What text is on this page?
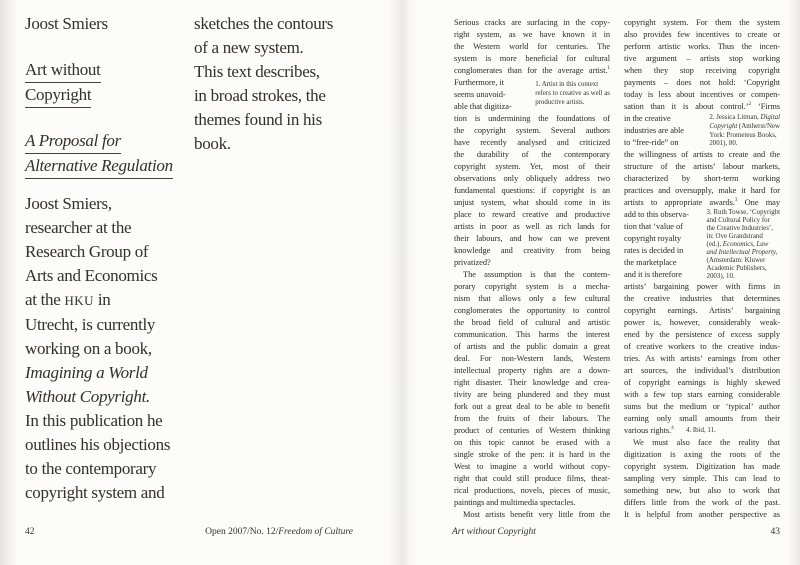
Joost Smiers
Art without
Copyright
A Proposal for
Alternative Regulation
Joost Smiers,
researcher at the
Research Group of
Arts and Economics
at the HKU in
Utrecht, is currently
working on a book,
Imagining a World
Without Copyright.
In this publication he
outlines his objections
to the contemporary
copyright system and
sketches the contours
of a new system.
This text describes,
in broad strokes, the
themes found in his
book.
42	Open 2007/No. 12/Freedom of Culture
1. Artist in this context
refers to creative as well as
productive artists.
Serious cracks are surfacing in the copy-
right system, as we have known it in
the Western world for centuries. The
system is more beneficial for cultural
conglomerates than for the average artist.$^1$
Furthermore, it
seems unavoid-
able that digitiza-
tion is undermining the foundations of
the copyright system. Several authors
have recently analysed and criticized
the durability of the contemporary
copyright system. Yet, most of their
observations only obliquely address two
fundamental questions: if copyright is an
unjust system, what should come in its
place to reward creative and productive
artists in poor as well as rich lands for
their labours, and how can we prevent
knowledge and creativity from being
privatized?
The assumption is that the contem-
porary copyright system is a mecha-
nism that allows only a few cultural
conglomerates the opportunity to control
the broad field of cultural and artistic
communication. This harms the interest
of artists and the public domain a great
deal. For non-Western lands, Western
intellectual property rights are a down-
right disaster. Their knowledge and crea-
tivity are being plundered and they must
fork out a great deal to be able to benefit
from the fruits of their labours. The
product of centuries of Western thinking
on this topic cannot be erased with a
single stroke of the pen: it is hard in the
West to imagine a world without copy-
right that could still produce films, theat-
rical productions, novels, pieces of music,
paintings and multimedia spectacles.
Most artists benefit very little from the
2. Jessica Litman, Digital
Copyright (Amherst/New
York: Prometeus Books,
2001), 80.
3. Ruth Towse, ‘Copyright
and Cultural Policy for
the Creative Industries’,
in: Ove Grandstrand
(ed.), Economics, Law
and Intellectual Property,
(Amsterdam: Kluwer
Academic Publishers,
2003), 10.
4. Ibid, 11.
copyright system. For them the system
also provides few incentives to create or
perform artistic works. Thus the incen-
tive argument – artists stop working
when they stop receiving copyright
payments – does not hold: ‘Copyright
today is less about incentives or compen-
sation than it is about control.’$^2$ ‘Firms
in the creative
industries are able
to “free-ride” on
the willingness of artists to create and the
structure of the artists’ labour markets,
characterized by short-term working
practices and oversupply, make it hard for
artists to appropriate awards.$^3$ One may
add to this observa-
tion that ‘value of
copyright royalty
rates is decided in
the marketplace
and it is therefore
artists’ bargaining power with firms in
the creative industries that determines
copyright earnings. Artists’ bargaining
power is, however, considerably weak-
ened by the persistence of excess supply
of creative workers to the creative indus-
tries. As with artists’ earnings from other
art sources, the individual’s distribution
of copyright earnings is highly skewed
with a few top stars earning considerable
sums but the medium or ‘typical’ author
earning only small amounts from their
various rights.$^4$
We must also face the reality that
digitization is axing the roots of the
copyright system. Digitization has made
sampling very simple. This can lead to
something new, but also to work that
differs little from the work of the past.
It is helpful from another perspective as
Art without Copyright	43
